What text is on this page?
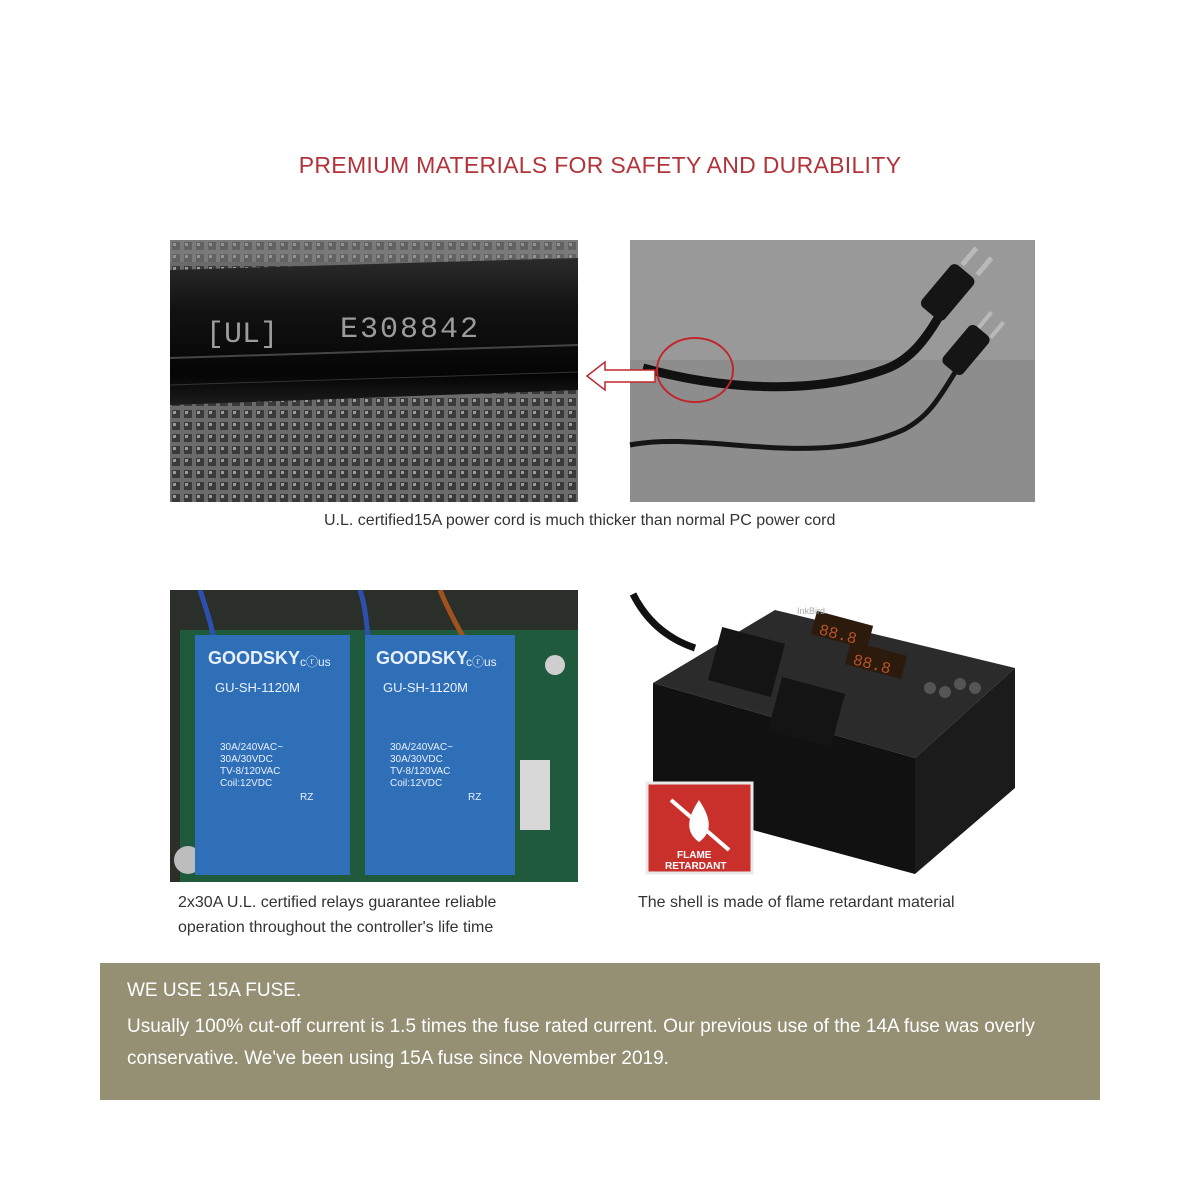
PREMIUM MATERIALS FOR SAFETY AND DURABILITY
[UL] E308842
U.L. certified15A power cord is much thicker than normal PC power cord
GOODSKY cⓡus
GU-SH-1120M
30A/240VAC~
30A/30VDC
TV-8/120VAC
Coil:12VDC
RZ
GOODSKY
cⓡus
GU-SH-1120M
30A/240VAC~
30A/30VDC
TV-8/120VAC
Coil:12VDC
RZ
2x30A U.L. certified relays guarantee reliable
operation throughout the controller's life time
88.8
88.8
InkBird
FLAME
RETARDANT
The shell is made of flame retardant material
WE USE 15A FUSE.
Usually 100% cut-off current is 1.5 times the fuse rated current. Our previous use of the 14A fuse was overly conservative. We've been using 15A fuse since November 2019.
